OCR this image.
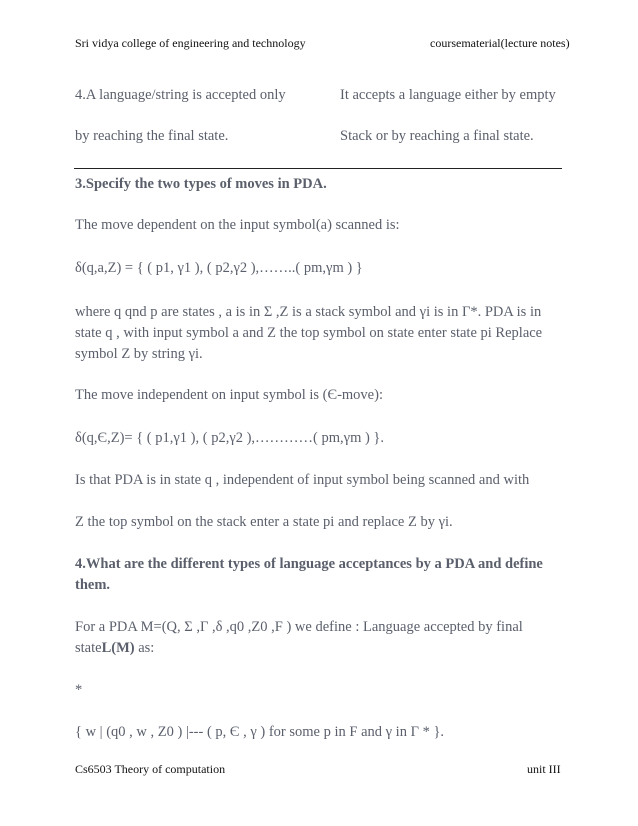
Sri vidya college of engineering and technology	coursematerial(lecture notes)
4.A language/string is accepted only	It accepts a language either by empty
by reaching the final state.	Stack or by reaching a final state.
3.Specify the two types of moves in PDA.
The move dependent on the input symbol(a) scanned is:
δ(q,a,Z) = { ( p1, γ1 ), ( p2,γ2 ),……..( pm,γm ) }
where q qnd p are states , a is in Σ ,Z is a stack symbol and γi is in Γ*. PDA is in state q , with input symbol a and Z the top symbol on state enter state pi Replace symbol Z by string γi.
The move independent on input symbol is (Є-move):
δ(q,Є,Z)= { ( p1,γ1 ), ( p2,γ2 ),…………( pm,γm ) }.
Is that PDA is in state q , independent of input symbol being scanned and with
Z the top symbol on the stack enter a state pi and replace Z by γi.
4.What are the different types of language acceptances by a PDA and define
them.
For a PDA M=(Q, Σ ,Γ ,δ ,q0 ,Z0 ,F ) we define : Language accepted by final
stateL(M) as:
*
{ w | (q0 , w , Z0 ) |--- ( p, Є , γ ) for some p in F and γ in Γ * }.
Cs6503 Theory of computation	unit III
